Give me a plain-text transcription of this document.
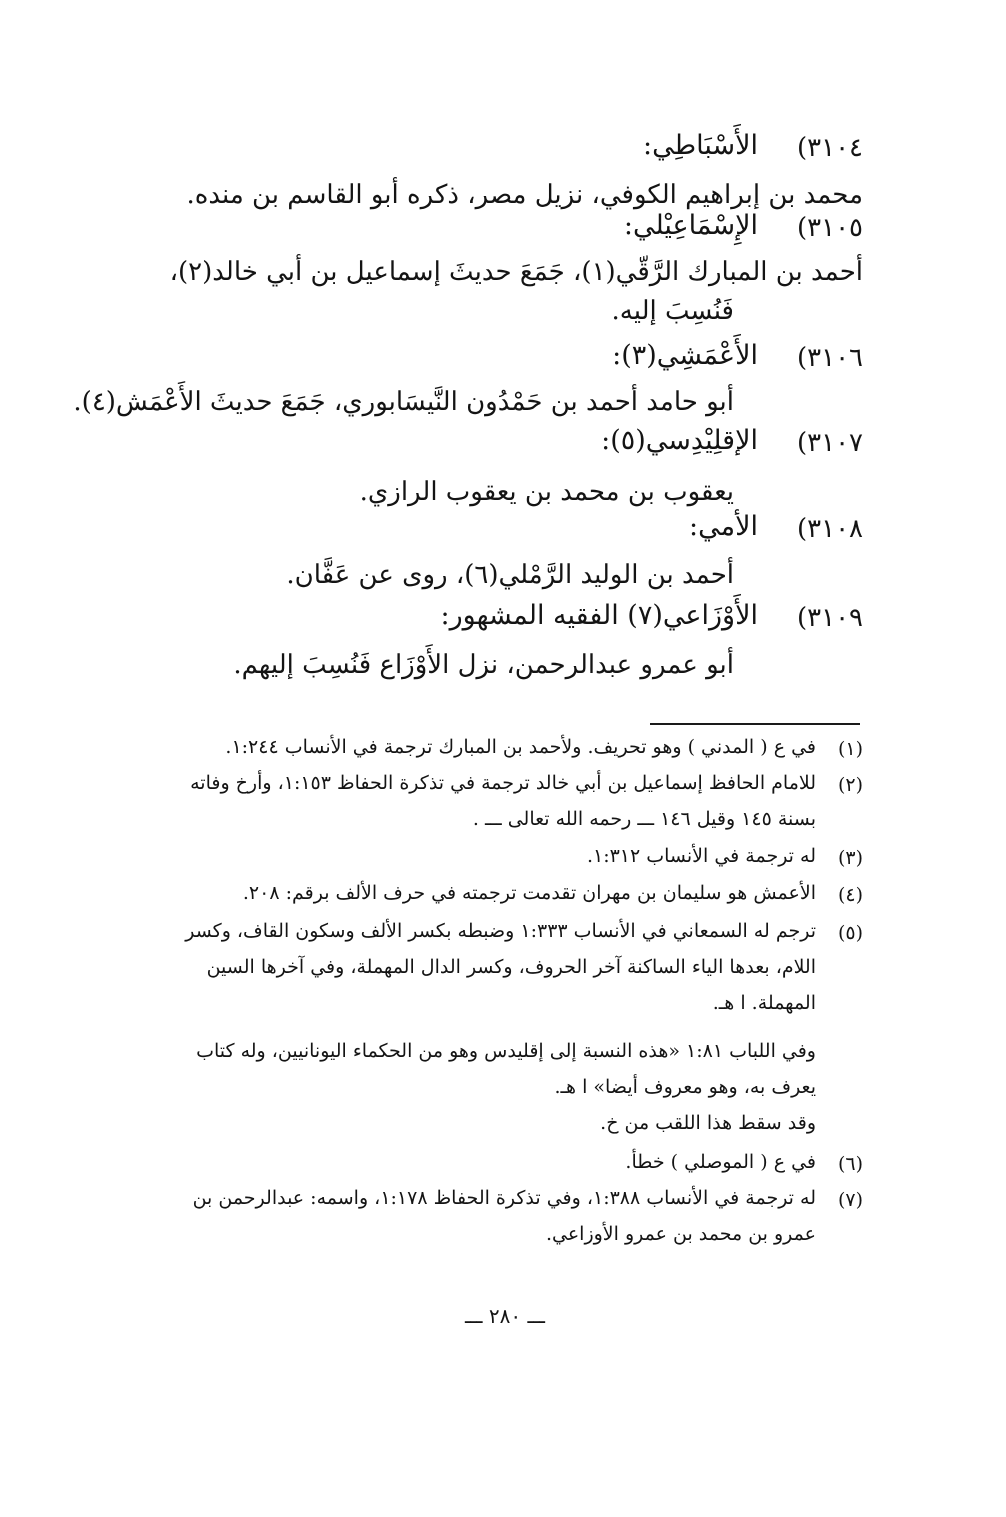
(٣١٠٤
الأَسْبَاطِي:
محمد بن إبراهيم الكوفي، نزيل مصر، ذكره أبو القاسم بن منده.
(٣١٠٥
الإِسْمَاعِيْلي:
أحمد بن المبارك الرَّقّي(١)، جَمَعَ حديثَ إسماعيل بن أبي خالد(٢)،
فَنُسِبَ إليه.
(٣١٠٦
الأَعْمَشِي(٣):
أبو حامد أحمد بن حَمْدُون النَّيسَابوري، جَمَعَ حديثَ الأَعْمَش(٤).
(٣١٠٧
الإقلِيْدِسي(٥):
يعقوب بن محمد بن يعقوب الرازي.
(٣١٠٨
الأمي:
أحمد بن الوليد الرَّمْلي(٦)، روى عن عَفَّان.
(٣١٠٩
الأَوْزَاعي(٧) الفقيه المشهور:
أبو عمرو عبدالرحمن، نزل الأَوْزَاع فَنُسِبَ إليهم.
(١)
في ع ( المدني ) وهو تحريف. ولأحمد بن المبارك ترجمة في الأنساب ١:٢٤٤.
(٢)
للامام الحافظ إسماعيل بن أبي خالد ترجمة في تذكرة الحفاظ ١:١٥٣، وأرخ وفاته
بسنة ١٤٥ وقيل ١٤٦ ـــ رحمه الله تعالى ـــ .
(٣)
له ترجمة في الأنساب ١:٣١٢.
(٤)
الأعمش هو سليمان بن مهران تقدمت ترجمته في حرف الألف برقم: ٢٠٨.
(٥)
ترجم له السمعاني في الأنساب ١:٣٣٣ وضبطه بكسر الألف وسكون القاف، وكسر
اللام، بعدها الياء الساكنة آخر الحروف، وكسر الدال المهملة، وفي آخرها السين
المهملة. ا هـ.
وفي اللباب ١:٨١ «هذه النسبة إلى إقليدس وهو من الحكماء اليونانيين، وله كتاب
يعرف به، وهو معروف أيضا» ا هـ.
وقد سقط هذا اللقب من خ.
(٦)
في ع ( الموصلي ) خطأ.
(٧)
له ترجمة في الأنساب ١:٣٨٨، وفي تذكرة الحفاظ ١:١٧٨، واسمه: عبدالرحمن بن
عمرو بن محمد بن عمرو الأوزاعي.
ـــ ٢٨٠ ـــ
